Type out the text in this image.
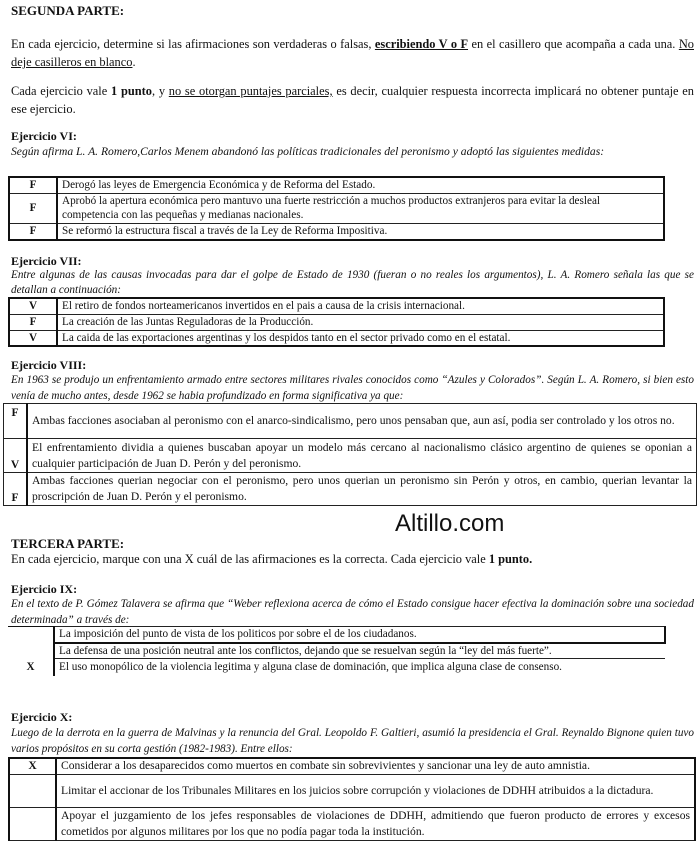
SEGUNDA PARTE:
En cada ejercicio, determine si las afirmaciones son verdaderas o falsas, escribiendo V o F en el casillero que acompaña a cada una. No deje casilleros en blanco.
Cada ejercicio vale 1 punto, y no se otorgan puntajes parciales, es decir, cualquier respuesta incorrecta implicará no obtener puntaje en ese ejercicio.
Ejercicio VI:
Según afirma L. A. Romero,Carlos Menem abandonó las políticas tradicionales del peronismo y adoptó las siguientes medidas:
F	Derogó las leyes de Emergencia Económica y de Reforma del Estado.
F	Aprobó la apertura económica pero mantuvo una fuerte restricción a muchos productos extranjeros para evitar la desleal competencia con las pequeñas y medianas nacionales.
F	Se reformó la estructura fiscal a través de la Ley de Reforma Impositiva.
Ejercicio VII:
Entre algunas de las causas invocadas para dar el golpe de Estado de 1930 (fueran o no reales los argumentos), L. A. Romero señala las que se detallan a continuación:
V	El retiro de fondos norteamericanos invertidos en el pais a causa de la crisis internacional.
F	La creación de las Juntas Reguladoras de la Producción.
V	La caida de las exportaciones argentinas y los despidos tanto en el sector privado como en el estatal.
Ejercicio VIII:
En 1963 se produjo un enfrentamiento armado entre sectores militares rivales conocidos como “Azules y Colorados”. Según L. A. Romero, si bien esto venía de mucho antes, desde 1962 se habia profundizado en forma significativa ya que:
F	Ambas facciones asociaban al peronismo con el anarco-sindicalismo, pero unos pensaban que, aun así, podia ser controlado y los otros no.
V	El enfrentamiento dividia a quienes buscaban apoyar un modelo más cercano al nacionalismo clásico argentino de quienes se oponian a cualquier participación de Juan D. Perón y del peronismo.
F	Ambas facciones querian negociar con el peronismo, pero unos querian un peronismo sin Perón y otros, en cambio, querian levantar la proscripción de Juan D. Perón y el peronismo.
Altillo.com
TERCERA PARTE:
En cada ejercicio, marque con una X cuál de las afirmaciones es la correcta. Cada ejercicio vale 1 punto.
Ejercicio IX:
En el texto de P. Gómez Talavera se afirma que “Weber reflexiona acerca de cómo el Estado consigue hacer efectiva la dominación sobre una sociedad determinada” a través de:
	La imposición del punto de vista de los politicos por sobre el de los ciudadanos.
	La defensa de una posición neutral ante los conflictos, dejando que se resuelvan según la “ley del más fuerte”.
X	El uso monopólico de la violencia legitima y alguna clase de dominación, que implica alguna clase de consenso.
Ejercicio X:
Luego de la derrota en la guerra de Malvinas y la renuncia del Gral. Leopoldo F. Galtieri, asumió la presidencia el Gral. Reynaldo Bignone quien tuvo varios propósitos en su corta gestión (1982-1983). Entre ellos:
X	Considerar a los desaparecidos como muertos en combate sin sobrevivientes y sancionar una ley de auto amnistia.
	Limitar el accionar de los Tribunales Militares en los juicios sobre corrupción y violaciones de DDHH atribuidos a la dictadura.
	Apoyar el juzgamiento de los jefes responsables de violaciones de DDHH, admitiendo que fueron producto de errores y excesos cometidos por algunos militares por los que no podía pagar toda la institución.
